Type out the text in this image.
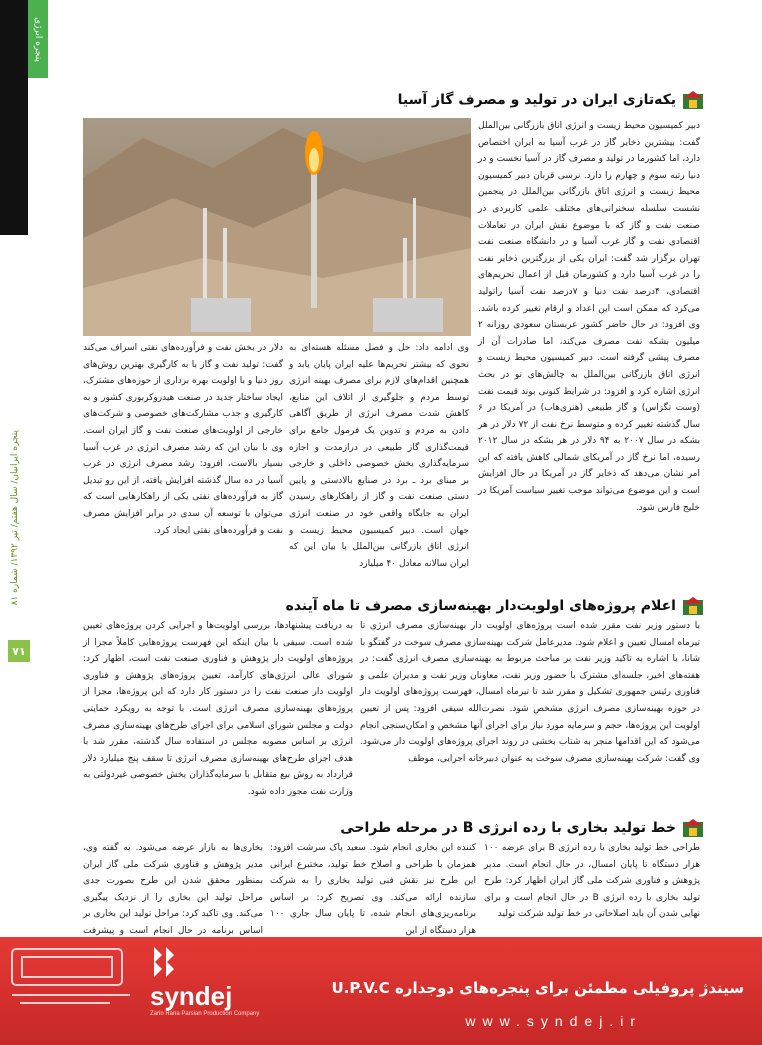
پنجره انرژی
پنجره ایرانیان/ سال هفتم/ تیر ۱۳۹۲/ شماره ۸۱
۷۱
یکه‌تازی ایران در تولید و مصرف گاز آسیا
دبیر کمیسیون محیط زیست و انرژی اتاق بازرگانی بین‌الملل گفت: بیشترین ذخایر گاز در غرب آسیا به ایران اختصاص دارد، اما کشورما در تولید و مصرف گاز در آسیا نخست و در دنیا رتبه سوم و چهارم را دارد. نرسی قربان دبیر کمیسیون محیط زیست و انرژی اتاق بازرگانی بین‌الملل در پنجمین نشست سلسله سخنرانی‌های مختلف علمی کاربردی در صنعت نفت و گاز که با موضوع نقش ایران در تعاملات اقتصادی نفت و گاز غرب آسیا و در دانشگاه صنعت نفت تهران برگزار شد گفت: ایران یکی از بزرگترین ذخایر نفت را در غرب آسیا دارد و کشورمان قبل از اعمال تحریم‌های اقتصادی، ۴درصد نفت دنیا و ۷درصد نفت آسیا راتولید می‌کرد که ممکن است این اعداد و ارقام تغییر کرده باشد. وی افزود: در حال حاضر کشور عربستان سعودی روزانه ۲ میلیون بشکه نفت مصرف می‌کند، اما صادرات آن از مصرف پیشی گرفته است. دبیر کمیسیون محیط زیست و انرژی اتاق بازرگانی بین‌الملل به چالش‌های نو در بحث انرژی اشاره کرد و افزود: در شرایط کنونی بوند قیمت نفت (وست تگزاس) و گاز طبیعی (هنری‌هاب) در آمریکا در ۶ سال گذشته تغییر کرده و متوسط نرخ نفت از ۷۲ دلار در هر بشکه در سال ۲۰۰۷ به ۹۴ دلار در هر بشکه در سال ۲۰۱۲ رسیده، اما نرخ گاز در آمریکای شمالی کاهش یافته که این امر نشان می‌دهد که ذخایر گاز در آمریکا در حال افزایش است و این موضوع می‌تواند موجب تغییر سیاست آمریکا در خلیج فارس شود.
وی ادامه داد: حل و فصل مسئله هسته‌ای به نحوی که بیشتر تحریم‌ها علیه ایران پایان یابد و همچنین اقدام‌های لازم برای مصرف بهینه انرژی توسط مردم و جلوگیری از اتلاف این منابع، کاهش شدت مصرف انرژی از طریق آگاهی دادن به مردم و تدوین یک فرمول جامع برای قیمت‌گذاری گاز طبیعی در درازمدت و اجازه سرمایه‌گذاری بخش خصوصی داخلی و خارجی بر مبنای برد ـ برد در صنایع بالادستی و پایین دستی صنعت نفت و گاز از راهکارهای رسیدن ایران به جایگاه واقعی خود در صنعت انرژی جهان است. دبیر کمیسیون محیط زیست و انرژی اتاق بازرگانی بین‌الملل با بیان این که ایران سالانه معادل ۴۰ میلیارد
دلار در بخش نفت و فرآورده‌های نفتی اسراف می‌کند گفت: تولید نفت و گاز با به کارگیری بهترین روش‌های روز دنیا و با اولویت بهره برداری از حوزه‌های مشترک، ایجاد ساختار جدید در صنعت هیدروکربوری کشور و به کارگیری و جذب مشارکت‌های خصوصی و شرکت‌های خارجی از اولویت‌های صنعت نفت و گاز ایران است. وی با بیان این که رشد مصرف انرژی در غرب آسیا بسیار بالاست، افزود: رشد مصرف انرژی در غرب آسیا در ده سال گذشته افزایش یافته، از این رو تبدیل گاز به فرآورده‌های نفتی یکی از راهکارهایی است که می‌توان با توسعه آن سدی در برابر افزایش مصرف نفت و فرآورده‌های نفتی ایجاد کرد.
اعلام پروژه‌های اولویت‌دار بهینه‌سازی مصرف تا ماه آینده
با دستور وزیر نفت مقرر شده است پروژه‌های اولویت دار بهینه‌سازی مصرف انرژی تا تیرماه امسال تعیین و اعلام شود. مدیرعامل شرکت بهینه‌سازی مصرف سوخت در گفتگو با شانا، با اشاره به تاکید وزیر نفت بر مباحث مربوط به بهینه‌سازی مصرف انرژی گفت: در هفته‌های اخیر، جلسه‌ای مشترک با حضور وزیر نفت، معاونان وزیر نفت و مدیران علمی و فناوری رئیس جمهوری تشکیل و مقرر شد تا تیرماه امسال، فهرست پروژه‌های اولویت دار در حوزه بهینه‌سازی مصرف انرژی مشخص شود. نصرت‌الله سیفی افزود: پس از تعیین اولویت این پروژه‌ها، حجم و سرمایه مورد نیاز برای اجرای آنها مشخص و امکان‌سنجی انجام می‌شود که این اقدامها منجر به شتاب بخشی در روند اجرای پروژه‌های اولویت دار می‌شود. وی گفت: شرکت بهینه‌سازی مصرف سوخت به عنوان دبیرخانه اجرایی، موظف
به دریافت پیشنهادها، بررسی اولویت‌ها و اجرایی کردن پروژه‌های تعیین شده است. سیفی با بیان اینکه این فهرست پروژه‌هایی کاملاً مجزا از پروژه‌های اولویت دار پژوهش و فناوری صنعت نفت است، اظهار کرد: شورای عالی انرژی‌های کارآمد، تعیین پروژه‌های پژوهش و فناوری اولویت دار صنعت نفت را در دستور کار دارد که این پروژه‌ها، مجزا از پروژه‌های بهینه‌سازی مصرف انرژی است. با توجه به رویکرد حمایتی دولت و مجلس شورای اسلامی برای اجرای طرح‌های بهینه‌سازی مصرف انرژی بر اساس مصوبه مجلس در استفاده سال گذشته، مقرر شد با هدف اجرای طرح‌های بهینه‌سازی مصرف انرژی تا سقف پنج میلیارد دلار قرارداد به روش بیع متقابل با سرمایه‌گذاران بخش خصوصی غیردولتی به وزارت نفت مجوز داده شود.
خط تولید بخاری با رده انرژی B در مرحله طراحی
طراحی خط تولید بخاری با رده انرژی B برای عرضه ۱۰۰ هزار دستگاه تا پایان امسال، در حال انجام است. مدیر پژوهش و فناوری شرکت ملی گاز ایران اظهار کرد: طرح تولید بخاری با رده انرژی B در حال انجام است و برای نهایی شدن آن باید اصلاحاتی در خط تولید شرکت تولید
کننده این بخاری انجام شود. سعید پاک سرشت افزود: همزمان با طراحی و اصلاح خط تولید، مختبرع ایرانی این طرح نیز نقش فنی تولید بخاری را به شرکت سازنده ارائه می‌کند. وی تصریح کرد: بر اساس برنامه‌ریزی‌های انجام شده، تا پایان سال جاری ۱۰۰ هزار دستگاه از این
بخاری‌ها به بازار عرضه می‌شود. به گفته وی، مدیر پژوهش و فناوری شرکت ملی گاز ایران بمنظور محقق شدن این طرح بصورت جدی مراحل تولید این بخاری را از نزدیک پیگیری می‌کند. وی تاکید کرد: مراحل تولید این بخاری بر اساس برنامه در حال انجام است و پیشرفت
syndej
Zarin Rana Parsian Production Company
سیندژ پروفیلی مطمئن برای پنجره‌های دوجداره U.P.V.C
www.syndej.ir
